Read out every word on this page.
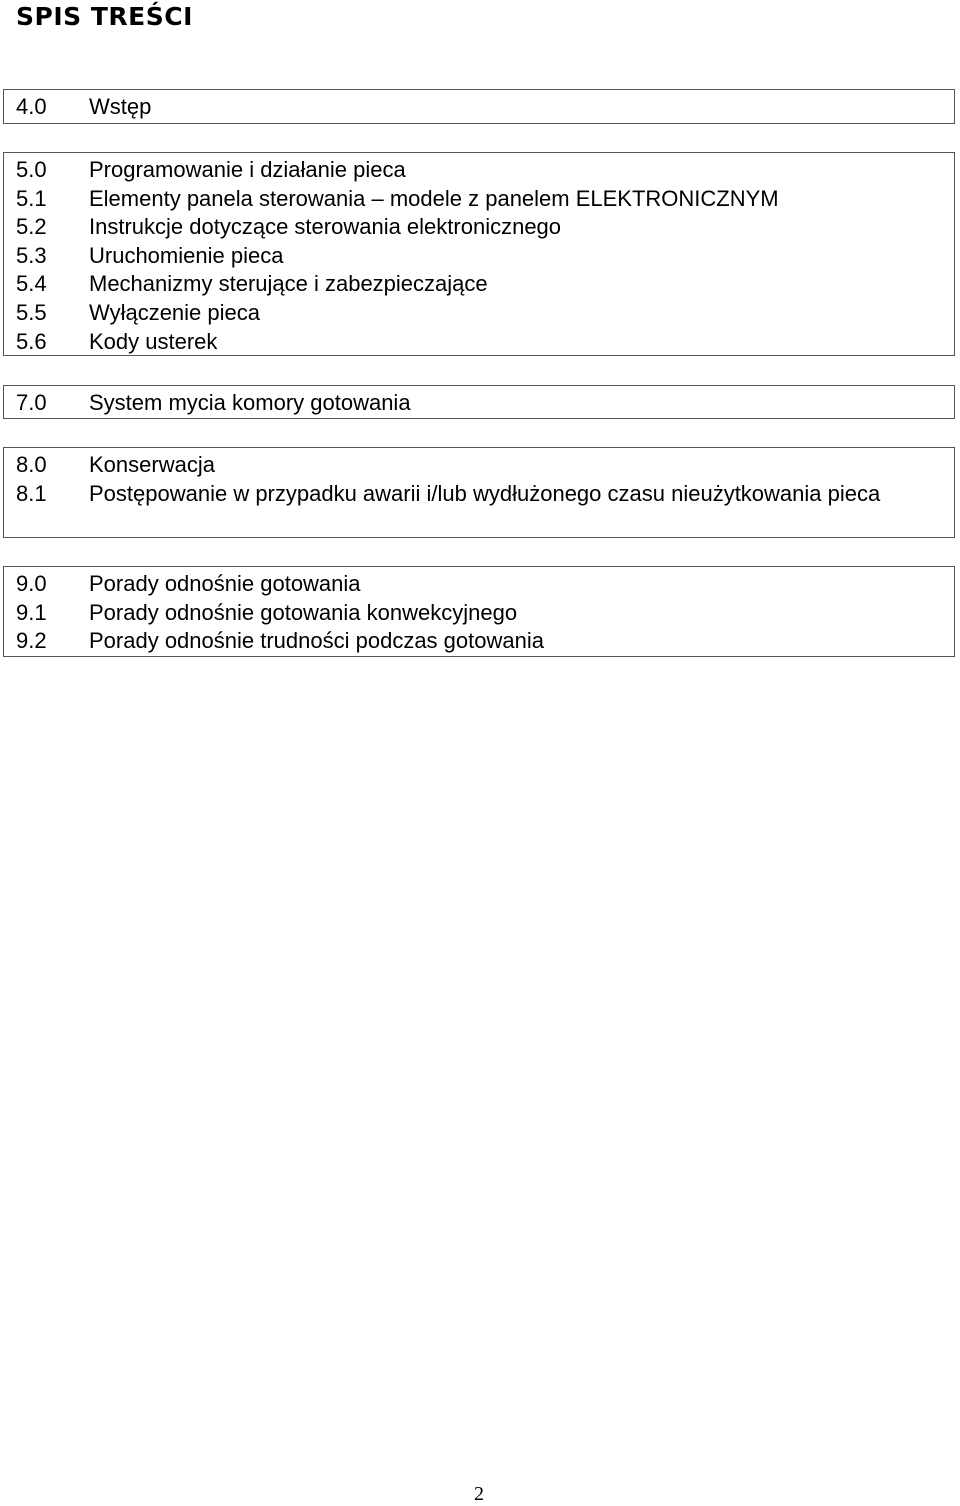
SPIS TREŚCI
4.0	Wstęp
5.0	Programowanie i działanie pieca
5.1	Elementy panela sterowania – modele z panelem ELEKTRONICZNYM
5.2	Instrukcje dotyczące sterowania elektronicznego
5.3	Uruchomienie pieca
5.4	Mechanizmy sterujące i zabezpieczające
5.5	Wyłączenie pieca
5.6	Kody usterek
7.0	System mycia komory gotowania
8.0	Konserwacja
8.1	Postępowanie w przypadku awarii i/lub wydłużonego czasu nieużytkowania pieca
9.0	Porady odnośnie gotowania
9.1	Porady odnośnie gotowania konwekcyjnego
9.2	Porady odnośnie trudności podczas gotowania
2
